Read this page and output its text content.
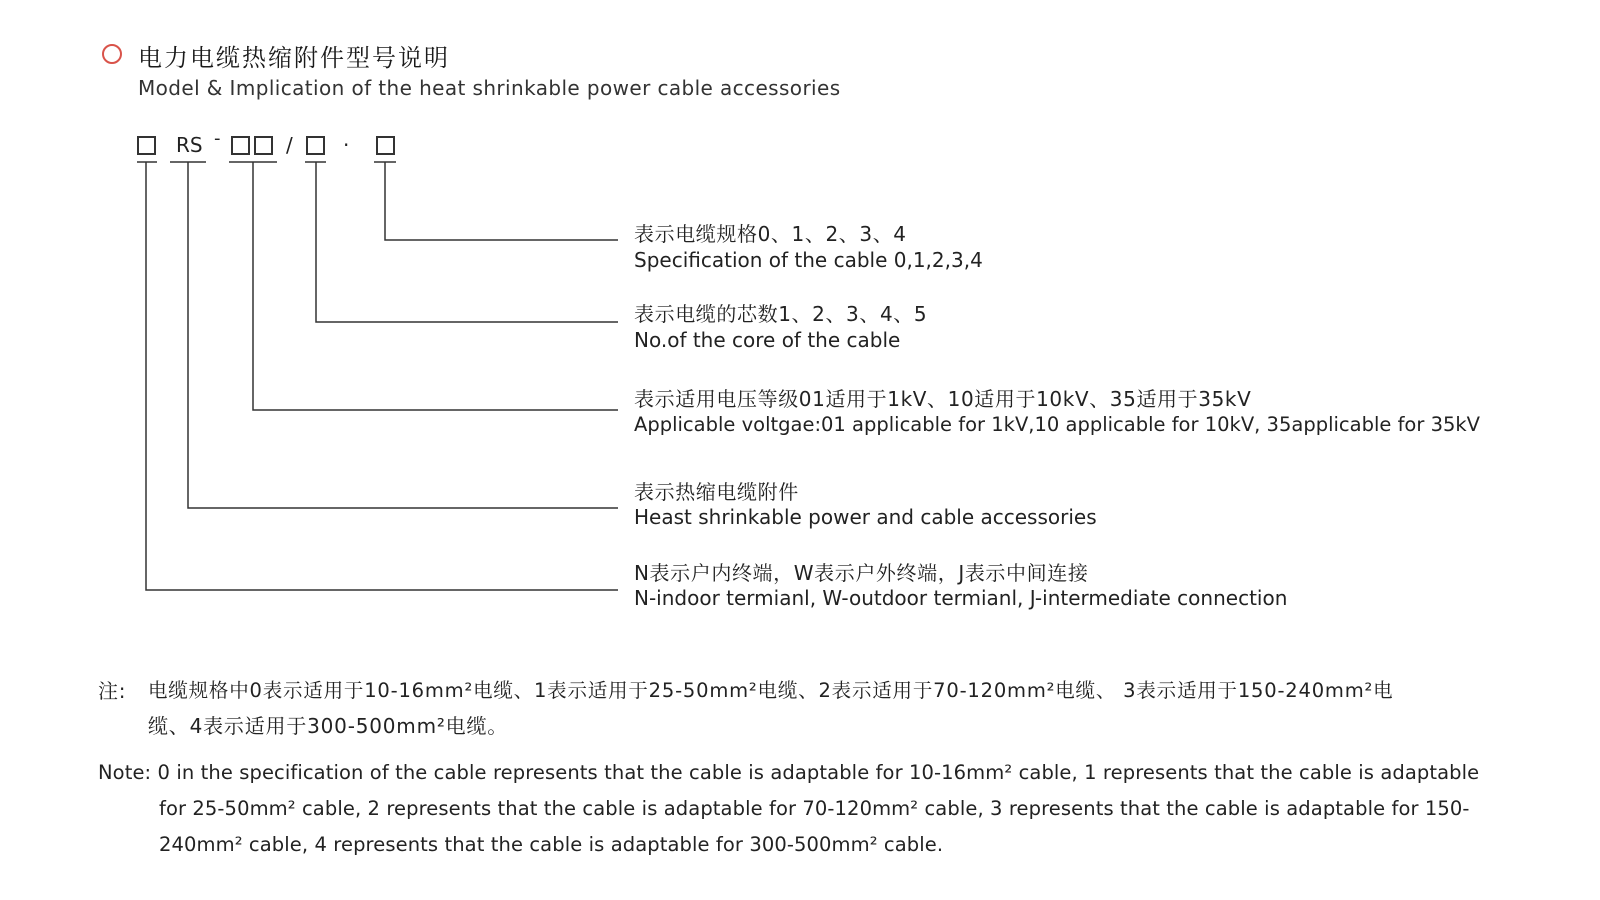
电力电缆热缩附件型号说明
Model & Implication of the heat shrinkable power cable accessories
RS -	/	·
表示电缆规格0、1、2、3、4
Specification of the cable 0,1,2,3,4
表示电缆的芯数1、2、3、4、5
No.of the core of the cable
表示适用电压等级01适用于1kV、10适用于10kV、35适用于35kV
Applicable voltgae:01 applicable for 1kV,10 applicable for 10kV, 35applicable for 35kV
表示热缩电缆附件
Heast shrinkable power and cable accessories
N表示户内终端，W表示户外终端，J表示中间连接
N-indoor termianl, W-outdoor termianl, J-intermediate connection
注: 电缆规格中0表示适用于10-16mm²电缆、1表示适用于25-50mm²电缆、2表示适用于70-120mm²电缆、 3表示适用于150-240mm²电
缆、4表示适用于300-500mm²电缆。
Note: 0 in the specification of the cable represents that the cable is adaptable for 10-16mm² cable, 1 represents that the cable is adaptable
for 25-50mm² cable, 2 represents that the cable is adaptable for 70-120mm² cable, 3 represents that the cable is adaptable for 150-
240mm² cable, 4 represents that the cable is adaptable for 300-500mm² cable.
